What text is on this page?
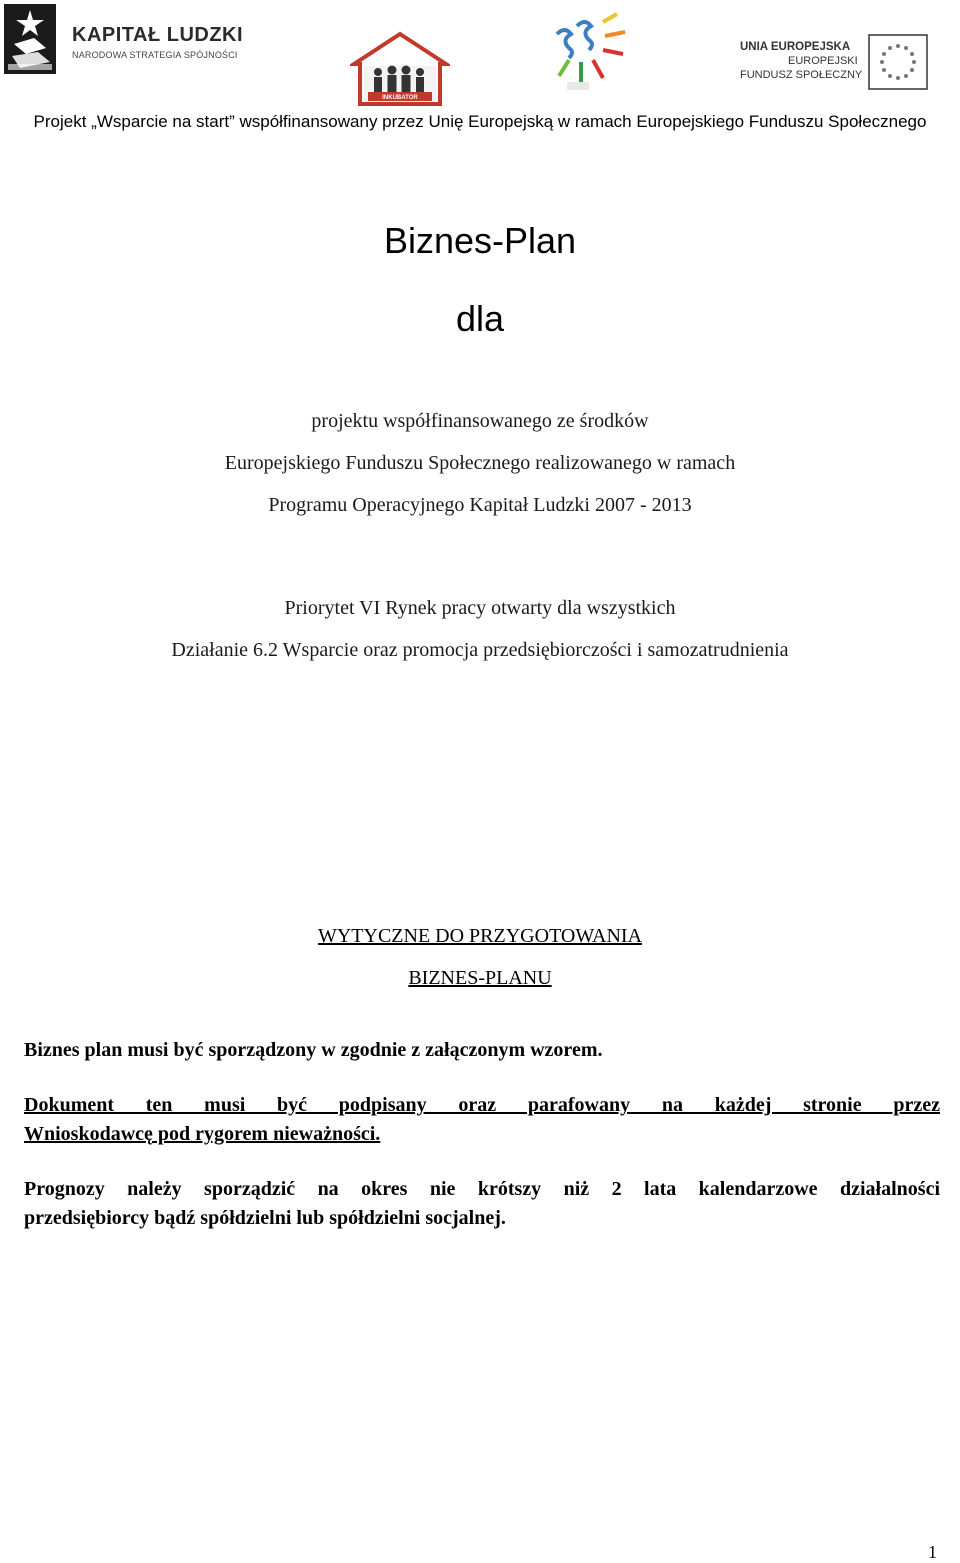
KAPITAŁ LUDZKI
NARODOWA STRATEGIA SPÓJNOŚCI
INKUBATOR
UNIA EUROPEJSKA
EUROPEJSKI
FUNDUSZ SPOŁECZNY
Projekt „Wsparcie na start” współfinansowany przez Unię Europejską w ramach Europejskiego Funduszu Społecznego
Biznes-Plan
dla
projektu współfinansowanego ze środków
Europejskiego Funduszu Społecznego realizowanego w ramach
Programu Operacyjnego Kapitał Ludzki 2007 - 2013
Priorytet VI Rynek pracy otwarty dla wszystkich
Działanie 6.2 Wsparcie oraz promocja przedsiębiorczości i samozatrudnienia
WYTYCZNE DO PRZYGOTOWANIA
BIZNES-PLANU
Biznes plan musi być sporządzony w zgodnie z załączonym wzorem.
Dokument ten musi być podpisany oraz parafowany na każdej stronie przez
Wnioskodawcę pod rygorem nieważności.
Prognozy należy sporządzić na okres nie krótszy niż 2 lata kalendarzowe działalności
przedsiębiorcy bądź spółdzielni lub spółdzielni socjalnej.
1
